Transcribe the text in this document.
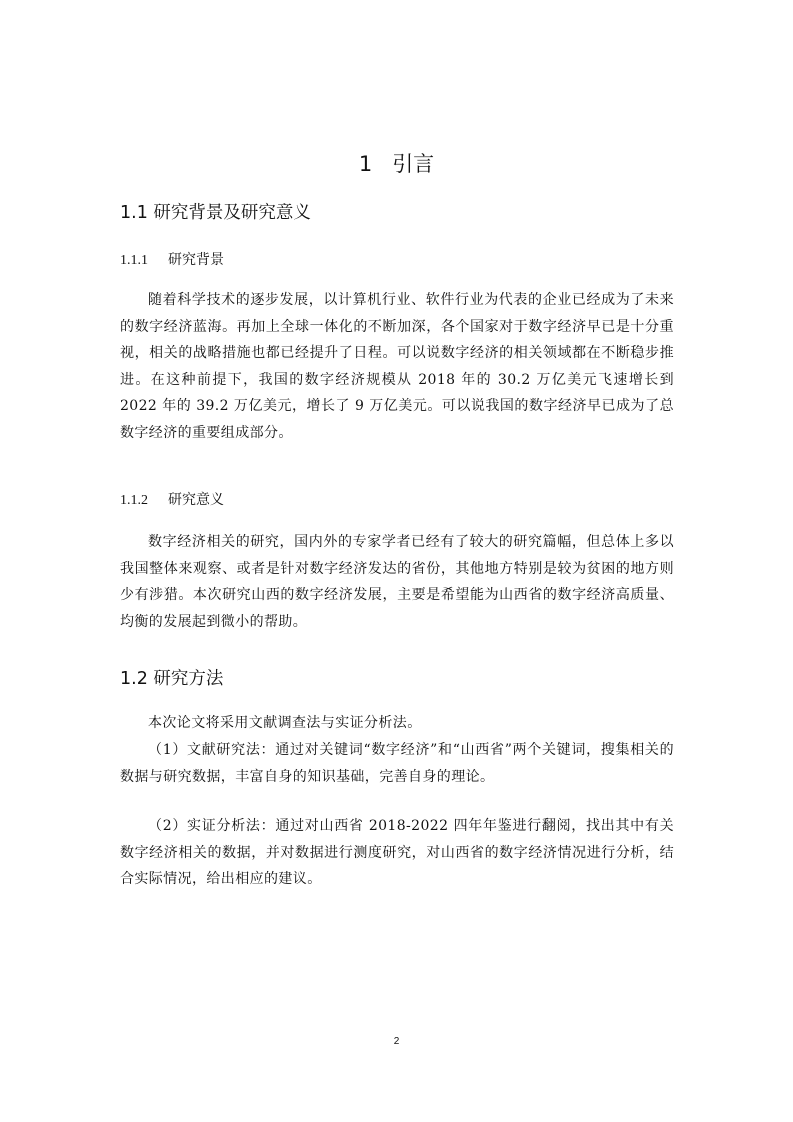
1 引言
1.1 研究背景及研究意义
1.1.1 研究背景

随着科学技术的逐步发展，以计算机行业、软件行业为代表的企业已经成为了未来的数字经济蓝海。再加上全球一体化的不断加深，各个国家对于数字经济早已是十分重视，相关的战略措施也都已经提升了日程。可以说数字经济的相关领域都在不断稳步推进。在这种前提下，我国的数字经济规模从 2018 年的 30.2 万亿美元飞速增长到 2022 年的 39.2 万亿美元，增长了 9 万亿美元。可以说我国的数字经济早已成为了总数字经济的重要组成部分。

1.1.2 研究意义

数字经济相关的研究，国内外的专家学者已经有了较大的研究篇幅，但总体上多以我国整体来观察、或者是针对数字经济发达的省份，其他地方特别是较为贫困的地方则少有涉猎。本次研究山西的数字经济发展，主要是希望能为山西省的数字经济高质量、均衡的发展起到微小的帮助。

1.2 研究方法

本次论文将采用文献调查法与实证分析法。

（1）文献研究法：通过对关键词“数字经济”和“山西省”两个关键词，搜集相关的数据与研究数据，丰富自身的知识基础，完善自身的理论。

（2）实证分析法：通过对山西省 2018-2022 四年年鉴进行翻阅，找出其中有关数字经济相关的数据，并对数据进行测度研究，对山西省的数字经济情况进行分析，结合实际情况，给出相应的建议。

2
